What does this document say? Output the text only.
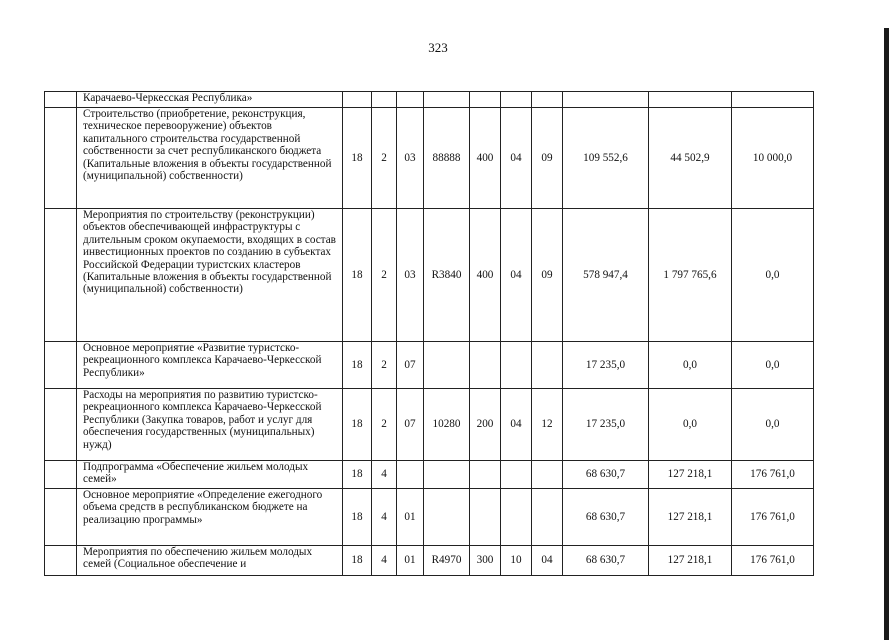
323
	Карачаево-Черкесская Республика»										
	Строительство (приобретение, реконструкция, техническое перевооружение) объектов капитального строительства государственной собственности за счет республиканского бюджета (Капитальные вложения в объекты государственной (муниципальной) собственности)	18	2	03	88888	400	04	09	109 552,6	44 502,9	10 000,0
	Мероприятия по строительству (реконструкции) объектов обеспечивающей инфраструктуры с длительным сроком окупаемости, входящих в состав инвестиционных проектов по созданию в субъектах Российской Федерации туристских кластеров (Капитальные вложения в объекты государственной (муниципальной) собственности)	18	2	03	R3840	400	04	09	578 947,4	1 797 765,6	0,0
	Основное мероприятие «Развитие туристско-рекреационного комплекса Карачаево-Черкесской Республики»	18	2	07					17 235,0	0,0	0,0
	Расходы на мероприятия по развитию туристско-рекреационного комплекса Карачаево-Черкесской Республики (Закупка товаров, работ и услуг для обеспечения государственных (муниципальных) нужд)	18	2	07	10280	200	04	12	17 235,0	0,0	0,0
	Подпрограмма «Обеспечение жильем молодых семей»	18	4						68 630,7	127 218,1	176 761,0
	Основное мероприятие «Определение ежегодного объема средств в республиканском бюджете на реализацию программы»	18	4	01					68 630,7	127 218,1	176 761,0
	Мероприятия по обеспечению жильем молодых семей (Социальное обеспечение и	18	4	01	R4970	300	10	04	68 630,7	127 218,1	176 761,0
